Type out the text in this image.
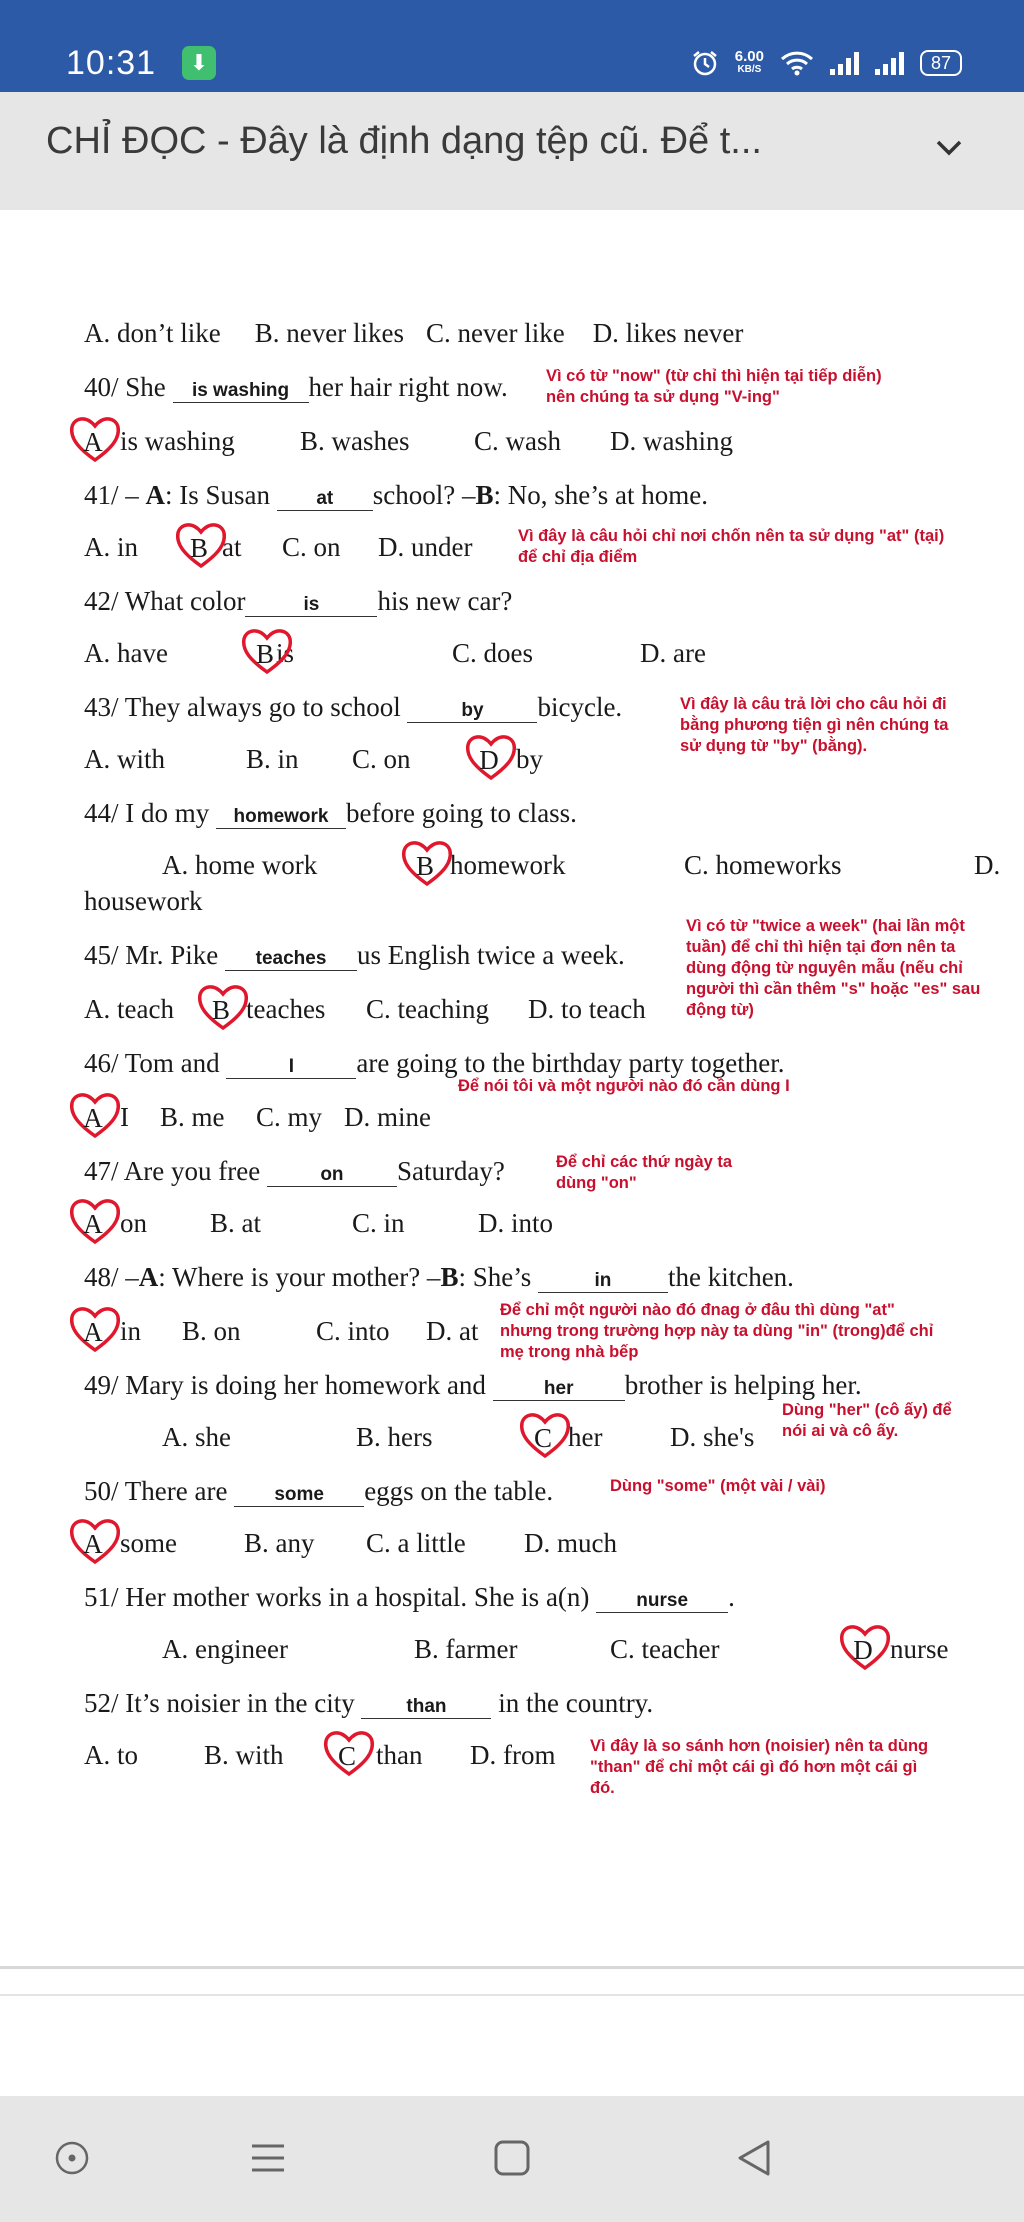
10:31	⬇	6.00
KB/S	87
CHỈ ĐỌC - Đây là định dạng tệp cũ. Để t...
A. don’t like B. never likes C. never like D. likes never
40/ She is washing her hair right now. Vì có từ "now" (từ chỉ thì hiện tại tiếp diễn)
nên chúng ta sử dụng "V-ing"
is washing B. washes C. wash D. washing
41/ – A: Is Susan at school? –B: No, she’s at home.
A. in	at C. on D. under	Vì đây là câu hỏi chỉ nơi chốn nên ta sử dụng "at" (tại)
để chỉ địa điểm
42/ What color	is his new car?
A. have	is	C. does	D. are
43/ They always go to school	by bicycle.	Vì đây là câu trả lời cho câu hỏi đi
bằng phương tiện gì nên chúng ta
sử dụng từ "by" (bằng).
A. with	B. in C. on	by
44/ I do my homework before going to class.
A. home work	homework	C. homeworks	D.
housework
45/ Mr. Pike teaches us English twice a week.
Vì có từ "twice a week" (hai lần một
tuần) để chỉ thì hiện tại đơn nên ta
dùng động từ nguyên mẫu (nếu chỉ
người thì cần thêm "s" hoặc "es" sau
động từ)
A. teach	teaches C. teaching D. to teach
46/ Tom and	I are going to the birthday party together.
Để nói tôi và một người nào đó cần dùng I
I B. me C. my D. mine
47/ Are you free	on Saturday?	Để chỉ các thứ ngày ta
dùng "on"
on B. at	C. in	D. into
48/ –A: Where is your mother? –B: She’s	in the kitchen.
Để chỉ một người nào đó đnag ở đâu thì dùng "at"
nhưng trong trường hợp này ta dùng "in" (trong)để chỉ
mẹ trong nhà bếp
in B. on	C. into D. at
49/ Mary is doing her homework and	her brother is helping her.
Dùng "her" (cô ấy) để
nói ai và cô ấy.
A. she	B. hers	her	D. she's
50/ There are some eggs on the table.	Dùng "some" (một vài / vài)
some B. any C. a little D. much
51/ Her mother works in a hospital. She is a(n) nurse .
A. engineer	B. farmer	C. teacher	nurse
52/ It’s noisier in the city	than in the country.
A. to B. with	than D. from Vì đây là so sánh hơn (noisier) nên ta dùng
"than" để chỉ một cái gì đó hơn một cái gì
đó.
A
B
B
D
B
B
A
A
A
C
A
D
C
